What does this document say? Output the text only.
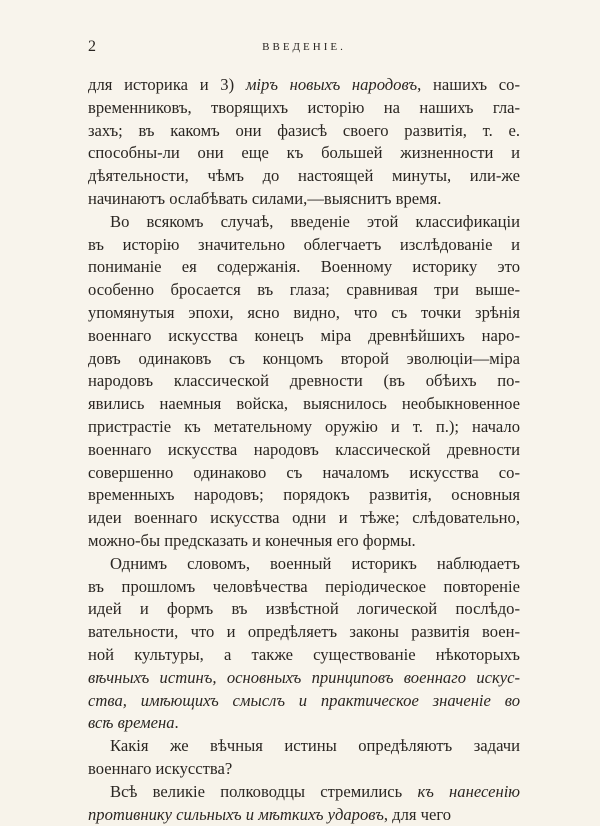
2	ВВЕДЕНІЕ.
для историка и 3) міръ новыхъ народовъ, нашихъ со-
временниковъ, творящихъ исторію на нашихъ гла-
захъ; въ какомъ они фазисѣ своего развитія, т. е.
способны-ли они еще къ большей жизненности и
дѣятельности, чѣмъ до настоящей минуты, или-же
начинаютъ ослабѣвать силами,—выяснитъ время.
Во всякомъ случаѣ, введеніе этой классификаціи
въ исторію значительно облегчаетъ изслѣдованіе и
пониманіе ея содержанія. Военному историку это
особенно бросается въ глаза; сравнивая три выше-
упомянутыя эпохи, ясно видно, что съ точки зрѣнія
военнаго искусства конецъ міра древнѣйшихъ наро-
довъ одинаковъ съ концомъ второй эволюціи—міра
народовъ классической древности (въ обѣихъ по-
явились наемныя войска, выяснилось необыкновенное
пристрастіе къ метательному оружію и т. п.); начало
военнаго искусства народовъ классической древности
совершенно одинаково съ началомъ искусства со-
временныхъ народовъ; порядокъ развитія, основныя
идеи военнаго искусства одни и тѣже; слѣдовательно,
можно-бы предсказать и конечныя его формы.
Однимъ словомъ, военный историкъ наблюдаетъ
въ прошломъ человѣчества періодическое повтореніе
идей и формъ въ извѣстной логической послѣдо-
вательности, что и опредѣляетъ законы развитія воен-
ной культуры, а также существованіе нѣкоторыхъ
вѣчныхъ истинъ, основныхъ принциповъ военнаго искус-
ства, имѣющихъ смыслъ и практическое значеніе во
всѣ времена.
Какія же вѣчныя истины опредѣляютъ задачи
военнаго искусства?
Всѣ великіе полководцы стремились къ нанесенію
противнику сильныхъ и мѣткихъ ударовъ, для чего
